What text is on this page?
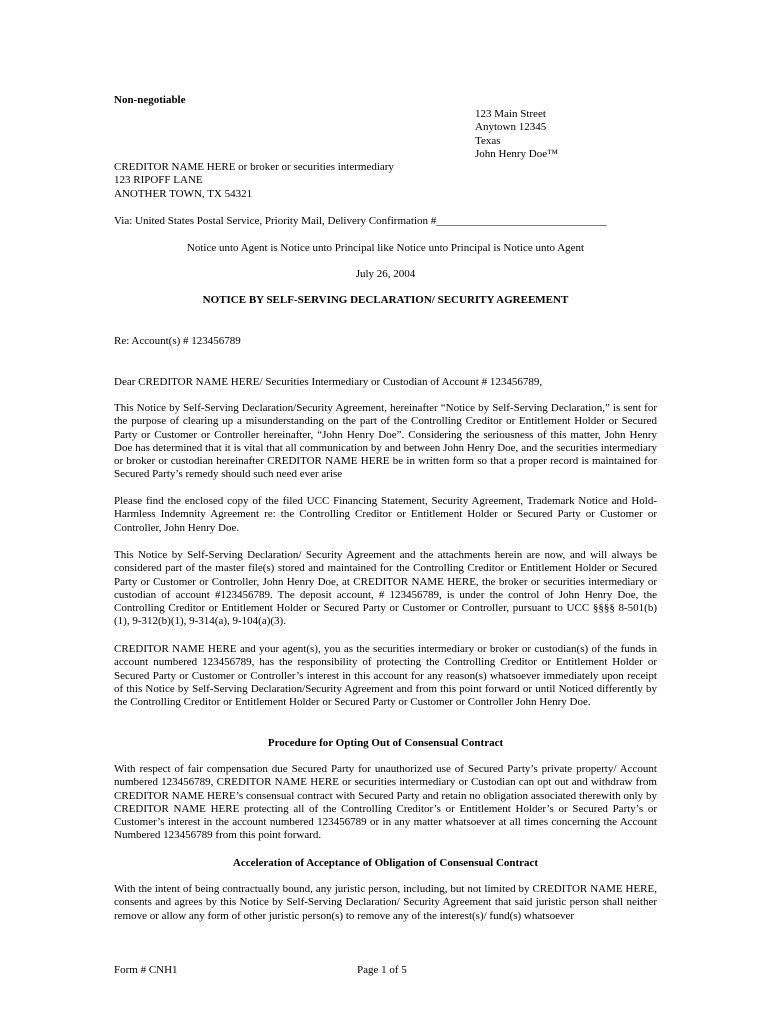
Non-negotiable
123 Main Street
Anytown 12345
Texas
John Henry Doe™
CREDITOR NAME HERE or broker or securities intermediary
123 RIPOFF LANE
ANOTHER TOWN, TX 54321
Via: United States Postal Service, Priority Mail, Delivery Confirmation #_______________________________
Notice unto Agent is Notice unto Principal like Notice unto Principal is Notice unto Agent
July 26, 2004
NOTICE BY SELF-SERVING DECLARATION/ SECURITY AGREEMENT
Re: Account(s) # 123456789
Dear CREDITOR NAME HERE/ Securities Intermediary or Custodian of Account # 123456789,

This Notice by Self-Serving Declaration/Security Agreement, hereinafter “Notice by Self-Serving Declaration,” is sent for the purpose of clearing up a misunderstanding on the part of the Controlling Creditor or Entitlement Holder or Secured Party or Customer or Controller hereinafter, “John Henry Doe”. Considering the seriousness of this matter, John Henry Doe has determined that it is vital that all communication by and between John Henry Doe, and the securities intermediary or broker or custodian hereinafter CREDITOR NAME HERE be in written form so that a proper record is maintained for Secured Party’s remedy should such need ever arise

Please find the enclosed copy of the filed UCC Financing Statement, Security Agreement, Trademark Notice and Hold-Harmless Indemnity Agreement re: the Controlling Creditor or Entitlement Holder or Secured Party or Customer or Controller, John Henry Doe.

This Notice by Self-Serving Declaration/ Security Agreement and the attachments herein are now, and will always be considered part of the master file(s) stored and maintained for the Controlling Creditor or Entitlement Holder or Secured Party or Customer or Controller, John Henry Doe, at CREDITOR NAME HERE, the broker or securities intermediary or custodian of account #123456789. The deposit account, # 123456789, is under the control of John Henry Doe, the Controlling Creditor or Entitlement Holder or Secured Party or Customer or Controller, pursuant to UCC §§§§ 8-501(b)(1), 9-312(b)(1), 9-314(a), 9-104(a)(3).

CREDITOR NAME HERE and your agent(s), you as the securities intermediary or broker or custodian(s) of the funds in account numbered 123456789, has the responsibility of protecting the Controlling Creditor or Entitlement Holder or Secured Party or Customer or Controller’s interest in this account for any reason(s) whatsoever immediately upon receipt of this Notice by Self-Serving Declaration/Security Agreement and from this point forward or until Noticed differently by the Controlling Creditor or Entitlement Holder or Secured Party or Customer or Controller John Henry Doe.

Procedure for Opting Out of Consensual Contract

With respect of fair compensation due Secured Party for unauthorized use of Secured Party’s private property/ Account numbered 123456789, CREDITOR NAME HERE or securities intermediary or Custodian can opt out and withdraw from CREDITOR NAME HERE’s consensual contract with Secured Party and retain no obligation associated therewith only by CREDITOR NAME HERE protecting all of the Controlling Creditor’s or Entitlement Holder’s or Secured Party’s or Customer’s interest in the account numbered 123456789 or in any matter whatsoever at all times concerning the Account Numbered 123456789 from this point forward.

Acceleration of Acceptance of Obligation of Consensual Contract

With the intent of being contractually bound, any juristic person, including, but not limited by CREDITOR NAME HERE, consents and agrees by this Notice by Self-Serving Declaration/ Security Agreement that said juristic person shall neither remove or allow any form of other juristic person(s) to remove any of the interest(s)/ fund(s) whatsoever

Form # CNH1	Page 1 of 5
